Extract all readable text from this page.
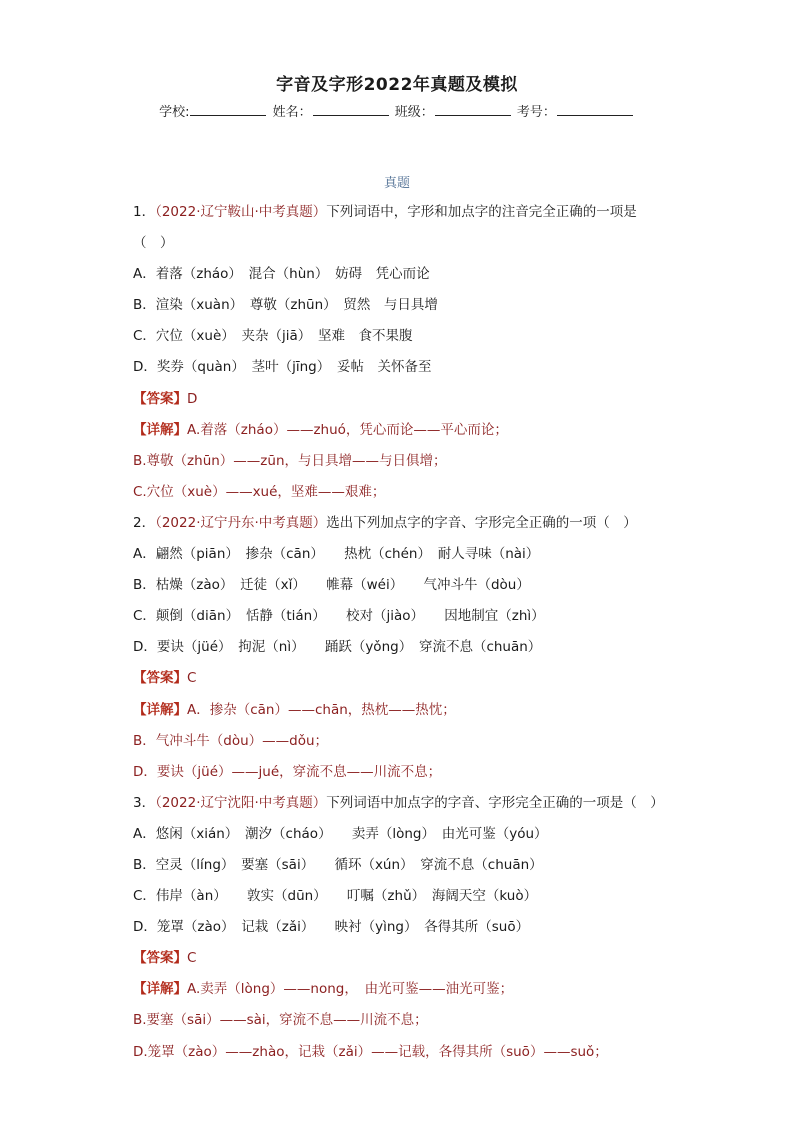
字音及字形2022年真题及模拟
学校:	姓名：	班级：	考号：
真题
1．（2022·辽宁鞍山·中考真题）下列词语中，字形和加点字的注音完全正确的一项是
（　）
A．着落（zháo）　混合（hùn）　妨碍　凭心而论
B．渲染（xuàn）　尊敬（zhūn）　贸然　与日具增
C．穴位（xuè）　夹杂（jiā）　坚难　食不果腹
D．奖券（quàn）　茎叶（jīng）　妥帖　关怀备至
【答案】D
【详解】A.着落（zháo）——zhuó，凭心而论——平心而论；
B.尊敬（zhūn）——zūn，与日具增——与日俱增；
C.穴位（xuè）——xué，坚难——艰难；
2．（2022·辽宁丹东·中考真题）选出下列加点字的字音、字形完全正确的一项（　）
A．翩然（piān）　掺杂（cān）　　热枕（chén）　耐人寻味（nài）
B．枯燥（zào）　迁徒（xǐ）　　帷幕（wéi）　　气冲斗牛（dòu）
C．颠倒（diān）　恬静（tián）　　校对（jiào）　　因地制宜（zhì）
D．要诀（jüé）　拘泥（nì）　　踊跃（yǒng）　穿流不息（chuān）
【答案】C
【详解】A．掺杂（cān）——chān，热枕——热忱；
B．气冲斗牛（dòu）——dǒu；
D．要诀（jüé）——jué，穿流不息——川流不息；
3．（2022·辽宁沈阳·中考真题）下列词语中加点字的字音、字形完全正确的一项是（　）
A．悠闲（xián）　潮汐（cháo）　　卖弄（lòng）　由光可鉴（yóu）
B．空灵（líng）　要塞（sāi）　　循环（xún）　穿流不息（chuān）
C．伟岸（àn）　　敦实（dūn）　　叮嘱（zhǔ）　海阔天空（kuò）
D．笼罩（zào）　记栽（zǎi）　　映衬（yìng）　各得其所（suō）
【答案】C
【详解】A.卖弄（lòng）——nong，　由光可鉴——油光可鉴；
B.要塞（sāi）——sài，穿流不息——川流不息；
D.笼罩（zào）——zhào，记栽（zǎi）——记载，各得其所（suō）——suǒ；
